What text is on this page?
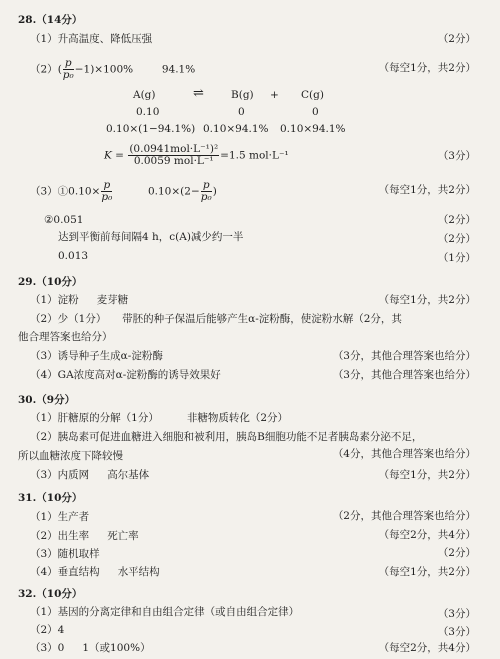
28.（14分）
（1）升高温度、降低压强	（2分）
$(2)( \frac{p}{\text{p₀}} -1)\times 100\%$	94.1%	（每空1分，共2分）
A(g)	⇌	B(g) + C(g)
0.10	0	0
0.10×(1−94.1%) 0.10×94.1% 0.10×94.1%
$K = \frac{\text{(0.0941mol·L⁻¹)²}}{\text{0.0059 mol·L⁻¹}} =1.5$ mol·L⁻¹	（3分）
（3）①0.10× $\frac{p}{\text{p₀}}$	$0.10\times(2- \frac{p}{\text{p₀}}$ )	（每空1分，共2分）
②0.051	（2分）
达到平衡前每间隔4 h，c(A)减少约一半	（2分）
0.013	（1分）
29.（10分）
（1）淀粉 麦芽糖	（每空1分，共2分）
（2）少（1分）　　带胚的种子保温后能够产生α-淀粉酶，使淀粉水解（2分，其
他合理答案也给分）
（3）诱导种子生成α-淀粉酶	（3分，其他合理答案也给分）
（4）GA浓度高对α-淀粉酶的诱导效果好	（3分，其他合理答案也给分）
30.（9分）
（1）肝糖原的分解（1分）	非糖物质转化（2分）
（2）胰岛素可促进血糖进入细胞和被利用，胰岛B细胞功能不足者胰岛素分泌不足，
所以血糖浓度下降较慢	（4分，其他合理答案也给分）
（3）内质网 高尔基体	（每空1分，共2分）
31.（10分）
（1）生产者	（2分，其他合理答案也给分）
（2）出生率 死亡率	（每空2分，共4分）
（3）随机取样	（2分）
（4）垂直结构 水平结构	（每空1分，共2分）
32.（10分）
（1）基因的分离定律和自由组合定律（或自由组合定律）	（3分）
（2）4	（3分）
（3）0 1（或100%）	（每空2分，共4分）
